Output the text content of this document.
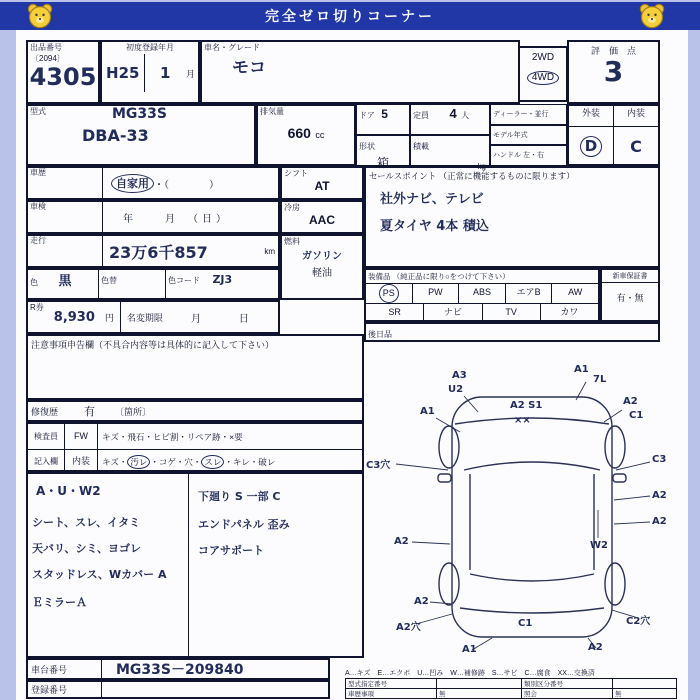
完全ゼロ切りコーナー
出品番号
〔2094〕
4305
初度登録年月
H25	1	月
車名・グレード
モコ
2WD
4WD
評　価　点
3
型式	MG33S
DBA-33
排気量
660 cc
ドア 5	定員 4 人
形状
箱
積載
kg
ディーラー・並行
モデル年式
ハンドル 左・右
外装	内装
D	C
車歴
自家用 ・（　　　　）
シフト
AT
車検
年　　月　（日）
冷房
AAC
走行
23万6千857	km
燃料
ガソリン
軽油
色 黒	色替	色コード ZJ3
R券
8,930 円 名変期限	月　　日
セールスポイント （正常に機能するものに限ります）
社外ナビ、テレビ
夏タイヤ 4本 積込
装備品 （純正品に限り○をつけて下さい）
PS	PW	ABS	エアB	AW
SR	ナビ	TV	カワ
新車保証書
有・無
後日品
注意事項申告欄（不具合内容等は具体的に記入して下さい）
修復歴 有 〔箇所〕
検査員	FW	キズ・飛石・ヒビ割・リペア跡・×要
記入欄	内装	キズ・ 汚レ ・コゲ・穴・ スレ ・キレ・破レ
A・U・W2
シート、スレ、イタミ
天バリ、シミ、ヨゴレ
スタッドレス、Wカバー A
ＥミラーＡ
下廻り S 一部 C
エンドパネル 歪み
コアサポート
A3
U2
A1
A2 S1
××
A1
7L
A2
C1
C3穴
C3
A2
A2	W2
A2
A2
A2穴	C1	C2穴
A1	A2
車台番号	MG33S－209840
登録番号
A…キズ　E…エクボ　U…凹み　W…補修跡　S…サビ　C…腐食　XX…交換済
型式指定番号		類別区分番号	
車歴事項	無	照会	無
